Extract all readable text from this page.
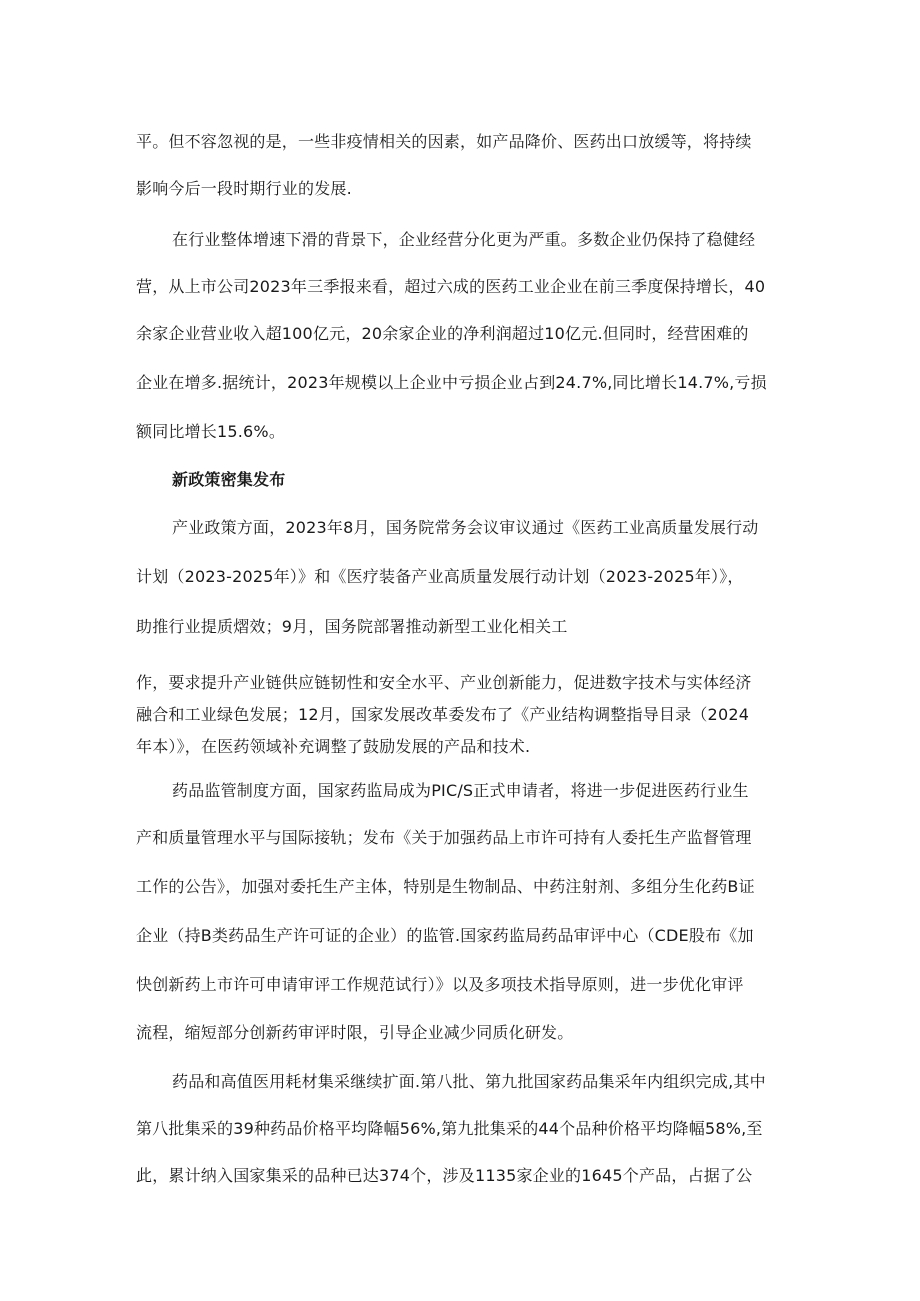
平。但不容忽视的是，一些非疫情相关的因素，如产品降价、医药出口放缓等，将持续
影响今后一段时期行业的发展.
在行业整体增速下滑的背景下，企业经营分化更为严重。多数企业仍保持了稳健经
营，从上市公司2023年三季报来看，超过六成的医药工业企业在前三季度保持增长，40
余家企业营业收入超100亿元，20余家企业的净利润超过10亿元.但同时，经营困难的
企业在增多.据统计，2023年规模以上企业中亏损企业占到24.7%,同比增长14.7%,亏损
额同比增长15.6%。
新政策密集发布
产业政策方面，2023年8月，国务院常务会议审议通过《医药工业高质量发展行动
计划（2023-2025年）》和《医疗装备产业高质量发展行动计划（2023-2025年）》，
助推行业提质熠效；9月，国务院部署推动新型工业化相关工
作，要求提升产业链供应链韧性和安全水平、产业创新能力，促进数字技术与实体经济
融合和工业绿色发展；12月，国家发展改革委发布了《产业结构调整指导目录（2024
年本）》，在医药领域补充调整了鼓励发展的产品和技术.
药品监管制度方面，国家药监局成为PIC/S正式申请者，将进一步促进医药行业生
产和质量管理水平与国际接轨；发布《关于加强药品上市许可持有人委托生产监督管理
工作的公告》，加强对委托生产主体，特别是生物制品、中药注射剂、多组分生化药B证
企业（持B类药品生产许可证的企业）的监管.国家药监局药品审评中心（CDE股布《加
快创新药上市许可申请审评工作规范试行）》以及多项技术指导原则，进一步优化审评
流程，缩短部分创新药审评时限，引导企业减少同质化研发。
药品和高值医用耗材集采继续扩面.第八批、第九批国家药品集采年内组织完成,其中
第八批集采的39种药品价格平均降幅56%,第九批集采的44个品种价格平均降幅58%,至
此，累计纳入国家集采的品种已达374个，涉及1135家企业的1645个产品，占据了公
